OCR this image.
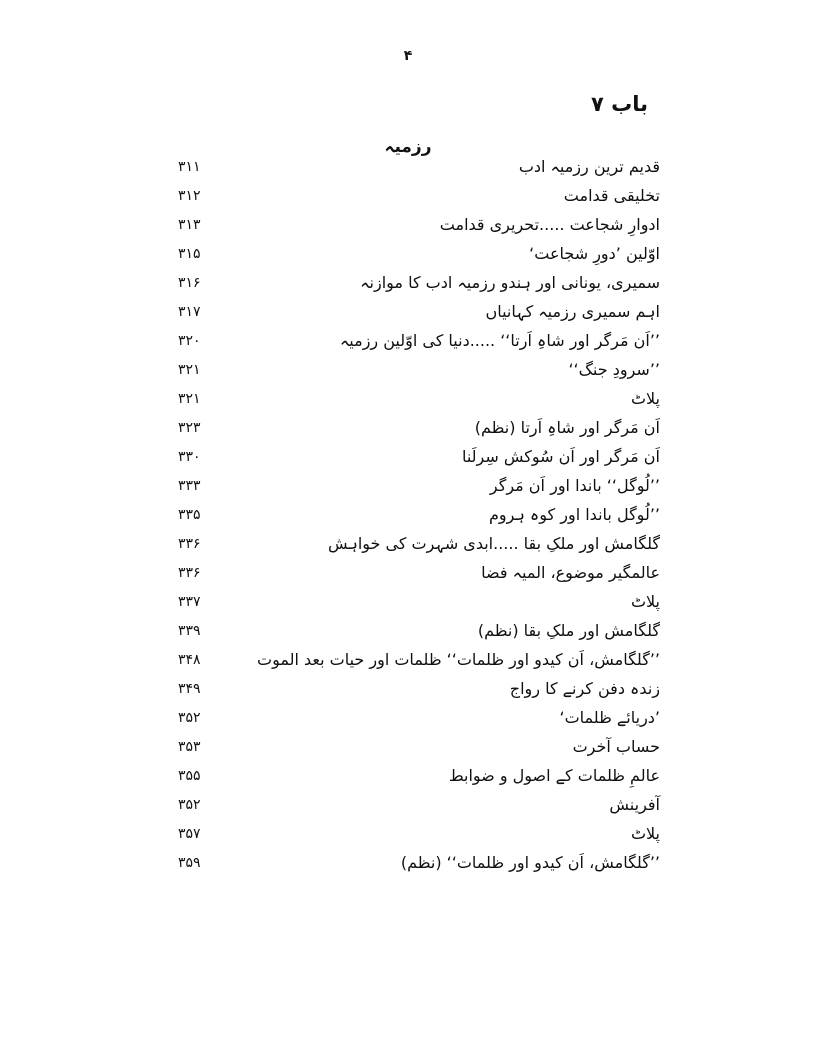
۴
باب ۷
رزمیہ
۳۱۱	قدیم ترین رزمیہ ادب
۳۱۲	تخلیقی قدامت
۳۱۳	ادوارِ شجاعت .....تحریری قدامت
۳۱۵	اوّلین ’دورِ شجاعت‘
۳۱۶	سمیری، یونانی اور ہندو رزمیہ ادب کا موازنہ
۳۱۷	اہم سمیری رزمیہ کہانیاں
۳۲۰	’’اَن مَرگر اور شاہِ اَرتا‘‘ .....دنیا کی اوّلین رزمیہ
۳۲۱	’’سرودِ جنگ‘‘
۳۲۱	پلاٹ
۳۲۳	اَن مَرگر اور شاہِ اَرتا (نظم)
۳۳۰	اَن مَرگر اور اَن سُوکش سِرلَنا
۳۳۳	’’لُوگل‘‘ باندا اور اَن مَرگر
۳۳۵	’’لُوگل باندا اور کوہ ہروم
۳۳۶	گلگامش اور ملکِ بقا .....ابدی شہرت کی خواہش
۳۳۶	عالمگیر موضوع، المیہ فضا
۳۳۷	پلاٹ
۳۳۹	گلگامش اور ملکِ بقا (نظم)
۳۴۸	’’گلگامش، اَن کیدو اور ظلمات‘‘ ظلمات اور حیات بعد الموت
۳۴۹	زندہ دفن کرنے کا رواج
۳۵۲	’دریائے ظلمات‘
۳۵۳	حساب آخرت
۳۵۵	عالمِ ظلمات کے اصول و ضوابط
۳۵۲	آفرینش
۳۵۷	پلاٹ
۳۵۹	’’گلگامش، اَن کیدو اور ظلمات‘‘ (نظم)
